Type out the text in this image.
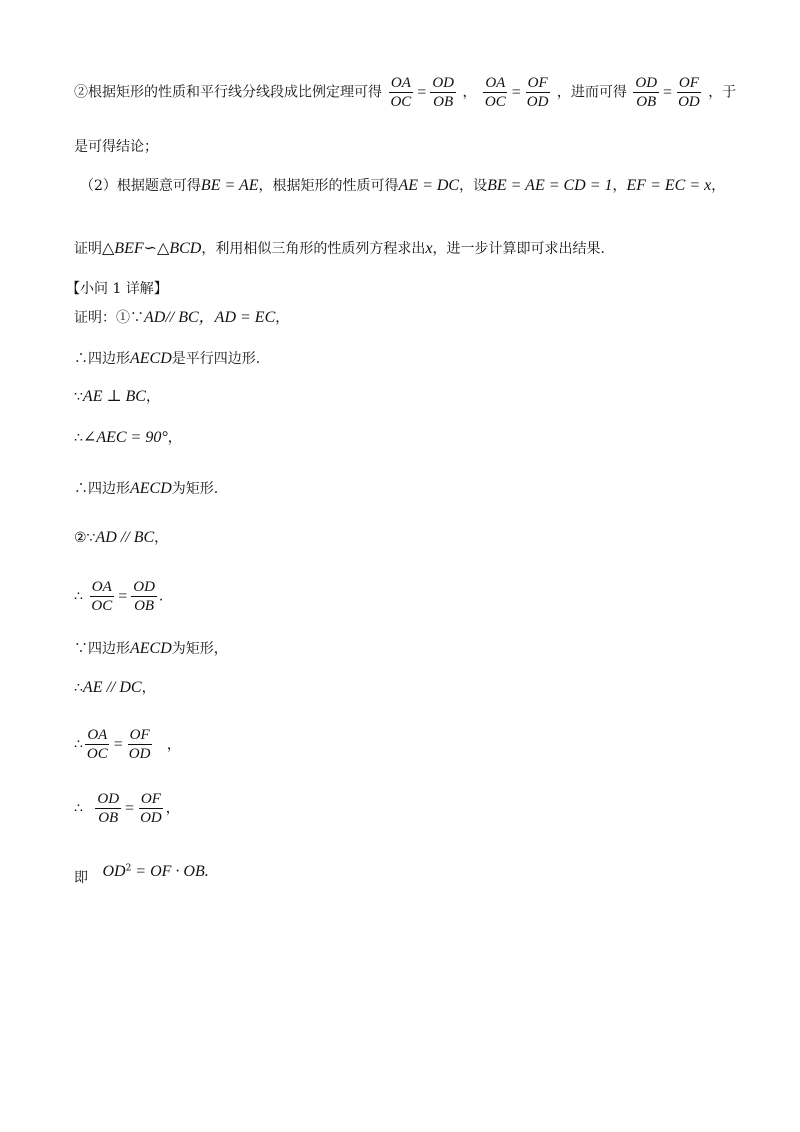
②根据矩形的性质和平行线分线段成比例定理可得 $\frac{OA}{OC} = \frac{OD}{OB}$ ， $\frac{OA}{OC} = \frac{OF}{OD}$ ，进而可得 $\frac{OD}{OB} = \frac{OF}{OD}$ ，于
是可得结论；
（2）根据题意可得BE = AE，根据矩形的性质可得AE = DC，设BE = AE = CD = 1，EF = EC = x，
证明△BEF∽△BCD，利用相似三角形的性质列方程求出x，进一步计算即可求出结果.
【小问 1 详解】
证明：①∵AD// BC，AD = EC，
∴四边形AECD是平行四边形.
∵AE ⊥ BC，
∴∠AEC = 90°，
∴四边形AECD为矩形.
②∵AD // BC，
∴ $\frac{OA}{OC} = \frac{OD}{OB}$ .
∵四边形AECD为矩形，
∴AE // DC，
∴ $\frac{OA}{OC} = \frac{OF}{OD}$ ，
∴ $\frac{OD}{OB} = \frac{OF}{OD}$ ，
即 $OD^2$ = OF · OB.
